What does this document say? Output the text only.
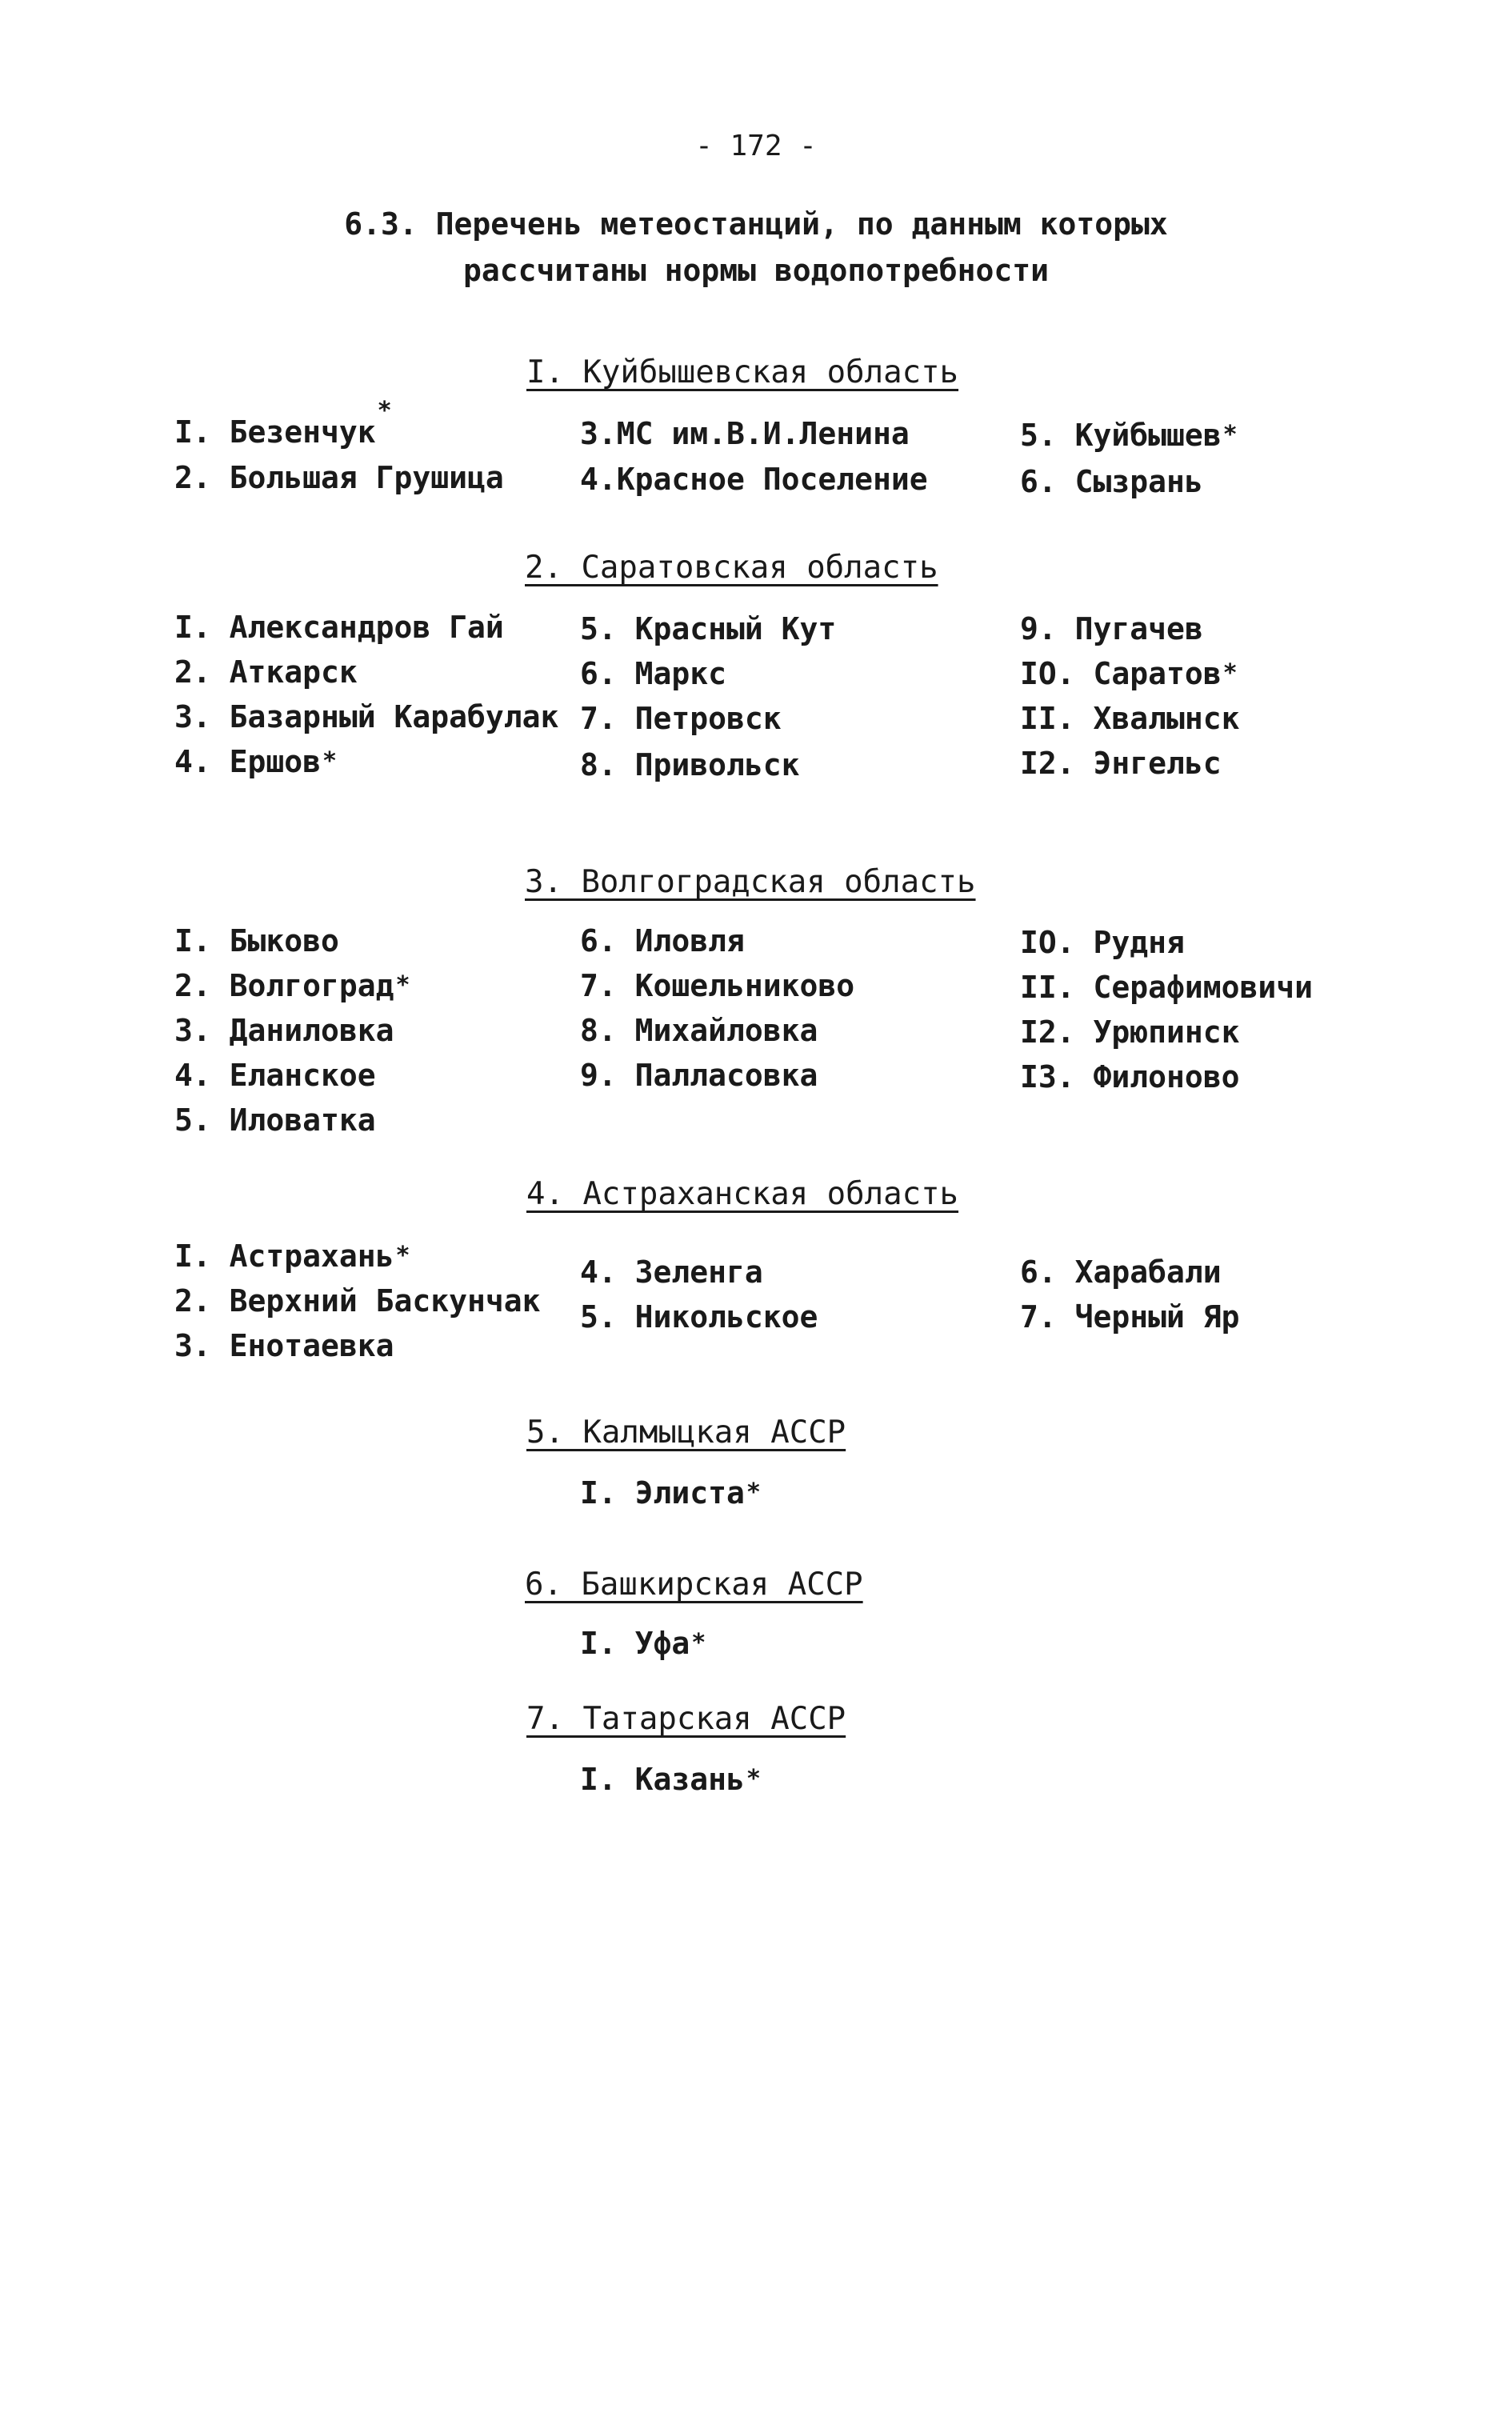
- 172 -
6.3. Перечень метеостанций, по данным которых
рассчитаны нормы водопотребности
I. Куйбышевская область
I. Безенчук*
2. Большая Грушица
3.МС им.В.И.Ленина
4.Красное Поселение
5. Куйбышев*
6. Сызрань
2. Саратовская область
I. Александров Гай
2. Аткарск
3. Базарный Карабулак
4. Ершов*
5. Красный Кут
6. Маркс
7. Петровск
8. Привольск
9. Пугачев
IO. Саратов*
II. Хвалынск
I2. Энгельс
3. Волгоградская область
I. Быково
2. Волгоград*
3. Даниловка
4. Еланское
5. Иловатка
6. Иловля
7. Кошельниково
8. Михайловка
9. Палласовка
IO. Рудня
II. Серафимовичи
I2. Урюпинск
I3. Филоново
4. Астраханская область
I. Астрахань*
2. Верхний Баскунчак
3. Енотаевка
4. Зеленга
5. Никольское
6. Харабали
7. Черный Яр
5. Калмыцкая АССР
I. Элиста*
6. Башкирская АССР
I. Уфа*
7. Татарская АССР
I. Казань*
